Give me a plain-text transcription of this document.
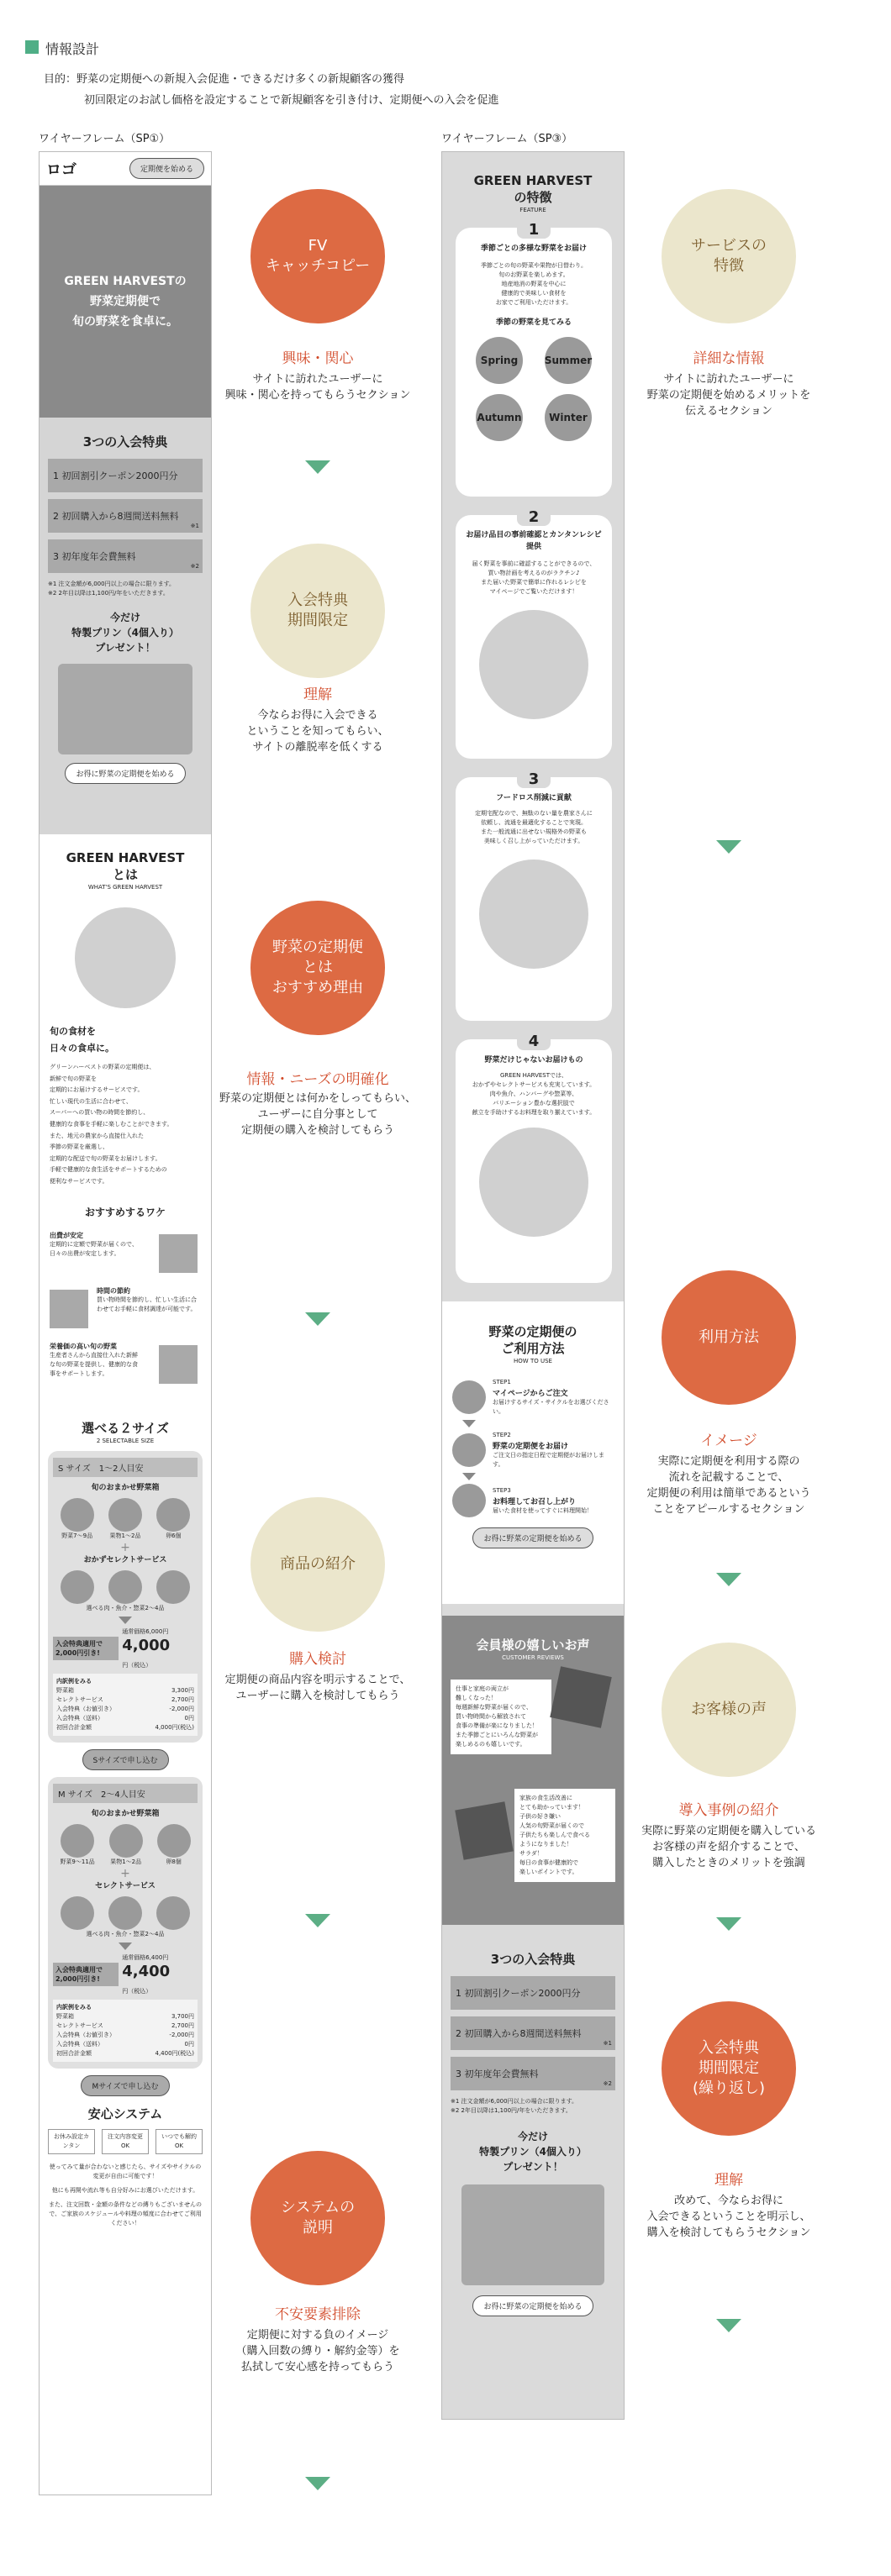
情報設計
目的：野菜の定期便への新規入会促進・できるだけ多くの新規顧客の獲得
初回限定のお試し価格を設定することで新規顧客を引き付け、定期便への入会を促進
ワイヤーフレーム（SP①）	ワイヤーフレーム（SP③）
ロゴ	定期便を始める
GREEN HARVESTの
野菜定期便で
旬の野菜を食卓に。
3つの入会特典
1 初回割引クーポン2000円分
2 初回購入から8週間送料無料
※1
3 初年度年会費無料
※2
※1 注文金額が6,000円以上の場合に限ります。
※2 2年目以降は1,100円/年をいただきます。
今だけ
特製プリン（4個入り）
プレゼント！
お得に野菜の定期便を始める
GREEN HARVEST
とは
WHAT'S GREEN HARVEST
旬の食材を
日々の食卓に。
グリーンハーベストの野菜の定期便は、
新鮮で旬の野菜を
定期的にお届けするサービスです。
忙しい現代の生活に合わせて、
スーパーへの買い物の時間を節約し、
健康的な食事を手軽に楽しむことができます。
また、地元の農家から直接仕入れた
季節の野菜を厳選し、
定期的な配送で旬の野菜をお届けします。
手軽で健康的な食生活をサポートするための
便利なサービスです。
おすすめするワケ
出費が安定
定期的に定額で野菜が届くので、日々の出費が安定します。
時間の節約
買い物時間を節約し、忙しい生活に合わせてお手軽に食材調達が可能です。
栄養価の高い旬の野菜
生産者さんから直接仕入れた新鮮な旬の野菜を提供し、健康的な食事をサポートします。
選べる２サイズ
2 SELECTABLE SIZE
S サイズ　1〜2人目安
旬のおまかせ野菜箱
野菜7〜9品	果物1〜2品	卵6個
+
おかずセレクトサービス
選べる肉・魚介・惣菜2〜4品
入会特典適用で2,000円引き!
通常価格6,000円
4,000円（税込）
内訳例をみる
野菜箱	3,300円
セレクトサービス	2,700円
入会特典（お値引き）	-2,000円
入会特典（送料）	0円
初回合計金額	4,000円(税込)
Sサイズで申し込む
M サイズ　2〜4人目安
旬のおまかせ野菜箱
野菜9〜11品	果物1〜2品	卵8個
+
セレクトサービス
選べる肉・魚介・惣菜2〜4品
入会特典適用で2,000円引き!
通常価格6,400円
4,400円（税込）
内訳例をみる
野菜箱	3,700円
セレクトサービス	2,700円
入会特典（お値引き）	-2,000円
入会特典（送料）	0円
初回合計金額	4,400円(税込)
Mサイズで申し込む
安心システム
お休み設定カンタン
注文内容変更OK
いつでも解約OK
使ってみて量が合わないと感じたら、サイズやサイクルの変更が自由に可能です！
他にも再開や流れ等も自分好みにお選びいただけます。
また、注文回数・金額の条件などの縛りもございませんので、ご家族のスケジュールや料理の頻度に合わせてご利用ください！
GREEN HARVEST
の特徴
FEATURE
1
季節ごとの多様な野菜をお届け
季節ごとの旬の野菜や果物が日替わり。
旬のお野菜を楽しめます。
地産地消の野菜を中心に
健康的で美味しい食材を
お家でご利用いただけます。
季節の野菜を見てみる
Spring	Summer
Autumn	Winter
2
お届け品目の事前確認とカンタンレシピ提供
届く野菜を事前に確認することができるので、
買い物計画を考えるのがラクチン♪
また届いた野菜で簡単に作れるレシピを
マイページでご覧いただけます！
3
フードロス削減に貢献
定期宅配なので、無駄のない量を農家さんに
依頼し、流通を最適化することで実現。
また一般流通に出せない規格外の野菜も
美味しく召し上がっていただけます。
4
野菜だけじゃないお届けもの
GREEN HARVESTでは、
おかずやセレクトサービスも充実しています。
肉や魚介、ハンバーグや惣菜等、
バリエーション豊かな選択肢で
献立を手助けするお料理を取り揃えています。
野菜の定期便の
ご利用方法
HOW TO USE
STEP1
マイページからご注文
お届けするサイズ・サイクルをお選びください。
STEP2
野菜の定期便をお届け
ご注文日の指定日程で定期便がお届けします。
STEP3
お料理してお召し上がり
届いた食材を使ってすぐに料理開始！
お得に野菜の定期便を始める
会員様の嬉しいお声
CUSTOMER REVIEWS
仕事と家庭の両立が
難しくなった！
毎週新鮮な野菜が届くので、
買い物時間から解放されて
食事の準備が楽になりました！
また季節ごとにいろんな野菜が
楽しめるのも嬉しいです。
家族の食生活改善に
とても助かっています！
子供の好き嫌い
人気の旬野菜が届くので
子供たちも楽しんで食べる
ようになりました！
サラダ！
毎日の食事が健康的で
楽しいポイントです。
3つの入会特典
1 初回割引クーポン2000円分
2 初回購入から8週間送料無料
※1
3 初年度年会費無料
※2
※1 注文金額が6,000円以上の場合に限ります。
※2 2年目以降は1,100円/年をいただきます。
今だけ
特製プリン（4個入り）
プレゼント！
お得に野菜の定期便を始める
FV
キャッチコピー
興味・関心
サイトに訪れたユーザーに
興味・関心を持ってもらうセクション
入会特典
期間限定
理解
今ならお得に入会できる
ということを知ってもらい、
サイトの離脱率を低くする
野菜の定期便
とは
おすすめ理由
情報・ニーズの明確化
野菜の定期便とは何かをしってもらい、
ユーザーに自分事として
定期便の購入を検討してもらう
商品の紹介
購入検討
定期便の商品内容を明示することで、
ユーザーに購入を検討してもらう
システムの
説明
不安要素排除
定期便に対する負のイメージ
（購入回数の縛り・解約金等）を
払拭して安心感を持ってもらう
サービスの
特徴
詳細な情報
サイトに訪れたユーザーに
野菜の定期便を始めるメリットを
伝えるセクション
利用方法
イメージ
実際に定期便を利用する際の
流れを記載することで、
定期便の利用は簡単であるという
ことをアピールするセクション
お客様の声
導入事例の紹介
実際に野菜の定期便を購入している
お客様の声を紹介することで、
購入したときのメリットを強調
入会特典
期間限定
(繰り返し)
理解
改めて、今ならお得に
入会できるということを明示し、
購入を検討してもらうセクション
